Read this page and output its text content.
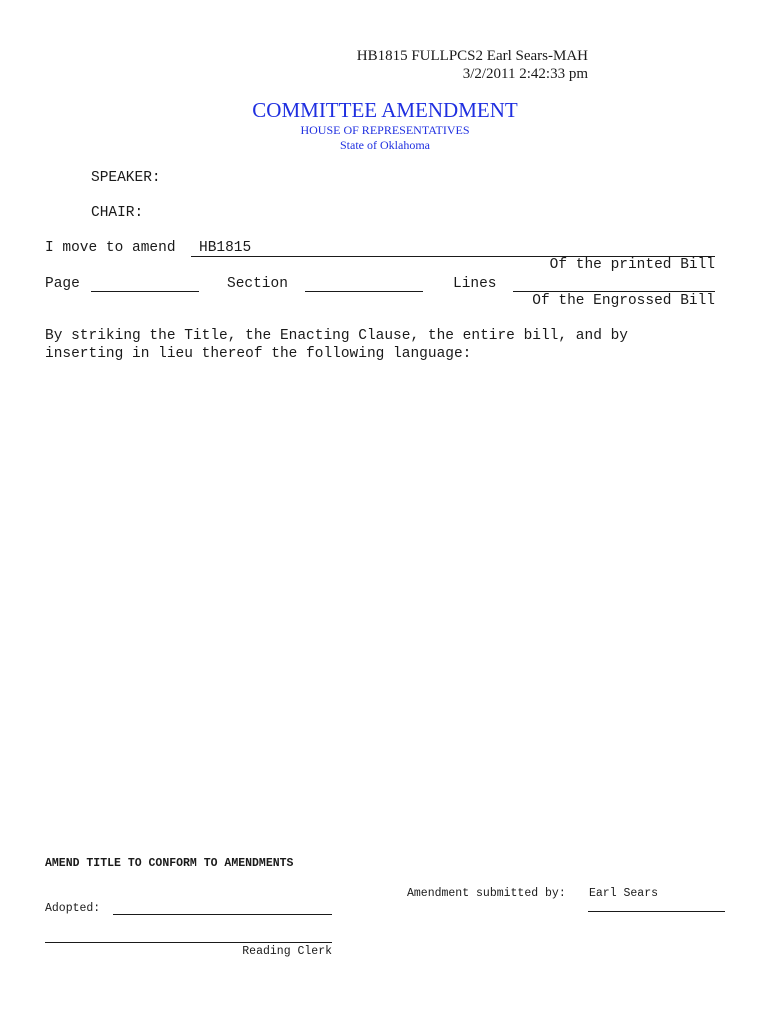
HB1815 FULLPCS2 Earl Sears-MAH
3/2/2011 2:42:33 pm
COMMITTEE AMENDMENT
HOUSE OF REPRESENTATIVES
State of Oklahoma
SPEAKER:
CHAIR:
I move to amend HB1815
Of the printed Bill
Page	Section	Lines
Of the Engrossed Bill
By striking the Title, the Enacting Clause, the entire bill, and by
inserting in lieu thereof the following language:
AMEND TITLE TO CONFORM TO AMENDMENTS
Amendment submitted by: Earl Sears
Adopted:
Reading Clerk
